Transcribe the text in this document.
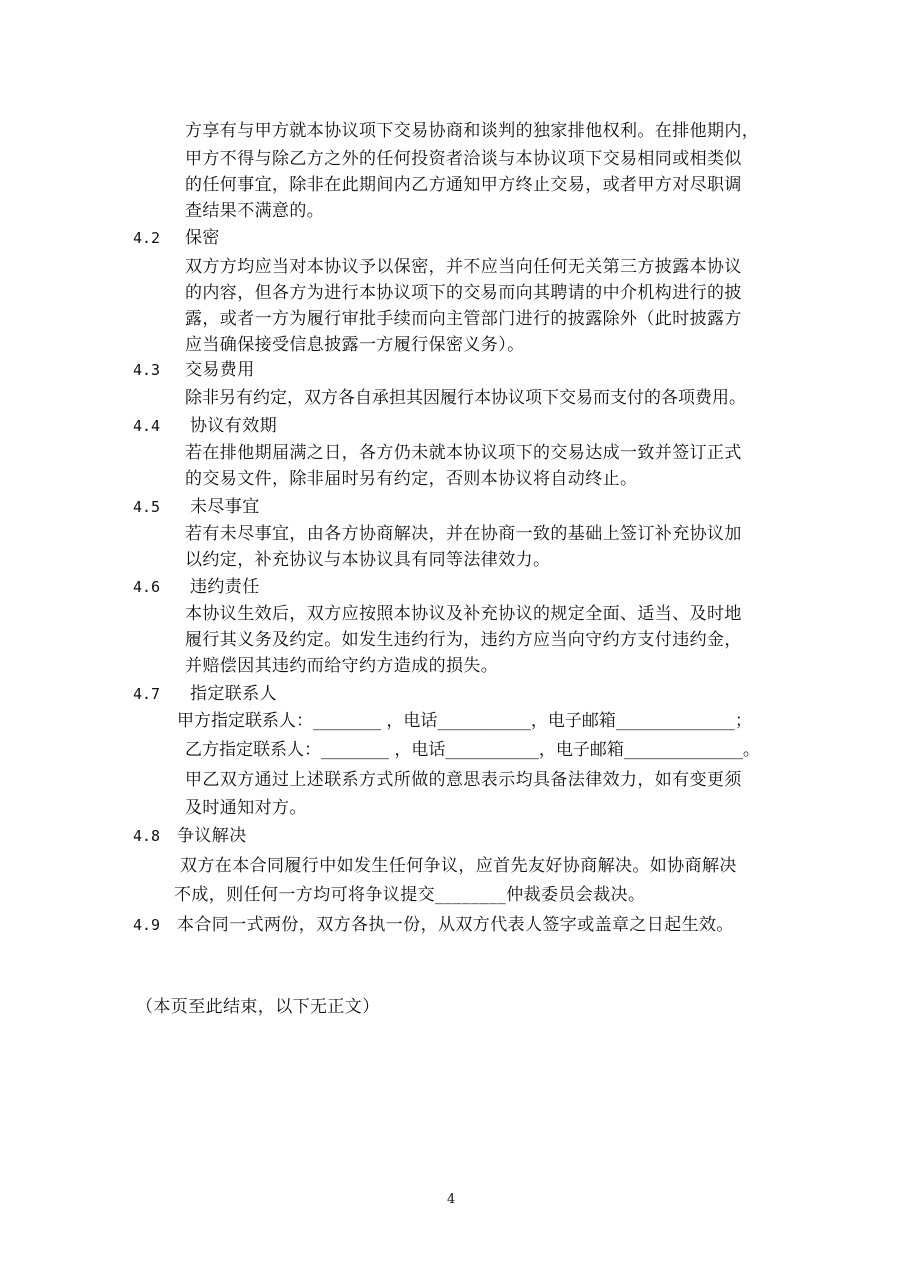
方享有与甲方就本协议项下交易协商和谈判的独家排他权利。在排他期内，
甲方不得与除乙方之外的任何投资者洽谈与本协议项下交易相同或相类似
的任何事宜，除非在此期间内乙方通知甲方终止交易，或者甲方对尽职调
查结果不满意的。
4.2 保密
双方方均应当对本协议予以保密，并不应当向任何无关第三方披露本协议
的内容，但各方为进行本协议项下的交易而向其聘请的中介机构进行的披
露，或者一方为履行审批手续而向主管部门进行的披露除外（此时披露方
应当确保接受信息披露一方履行保密义务）。
4.3 交易费用
除非另有约定，双方各自承担其因履行本协议项下交易而支付的各项费用。
4.4 协议有效期
若在排他期届满之日，各方仍未就本协议项下的交易达成一致并签订正式
的交易文件，除非届时另有约定，否则本协议将自动终止。
4.5 未尽事宜
若有未尽事宜，由各方协商解决，并在协商一致的基础上签订补充协议加
以约定，补充协议与本协议具有同等法律效力。
4.6 违约责任
本协议生效后，双方应按照本协议及补充协议的规定全面、适当、及时地
履行其义务及约定。如发生违约行为，违约方应当向守约方支付违约金，
并赔偿因其违约而给守约方造成的损失。
4.7 指定联系人
甲方指定联系人：________ ，电话___________，电子邮箱______________；
乙方指定联系人：________ ，电话___________，电子邮箱______________。
甲乙双方通过上述联系方式所做的意思表示均具备法律效力，如有变更须
及时通知对方。
4.8 争议解决
双方在本合同履行中如发生任何争议，应首先友好协商解决。如协商解决
不成，则任何一方均可将争议提交________仲裁委员会裁决。
4.9 本合同一式两份，双方各执一份，从双方代表人签字或盖章之日起生效。
（本页至此结束，以下无正文）
4
